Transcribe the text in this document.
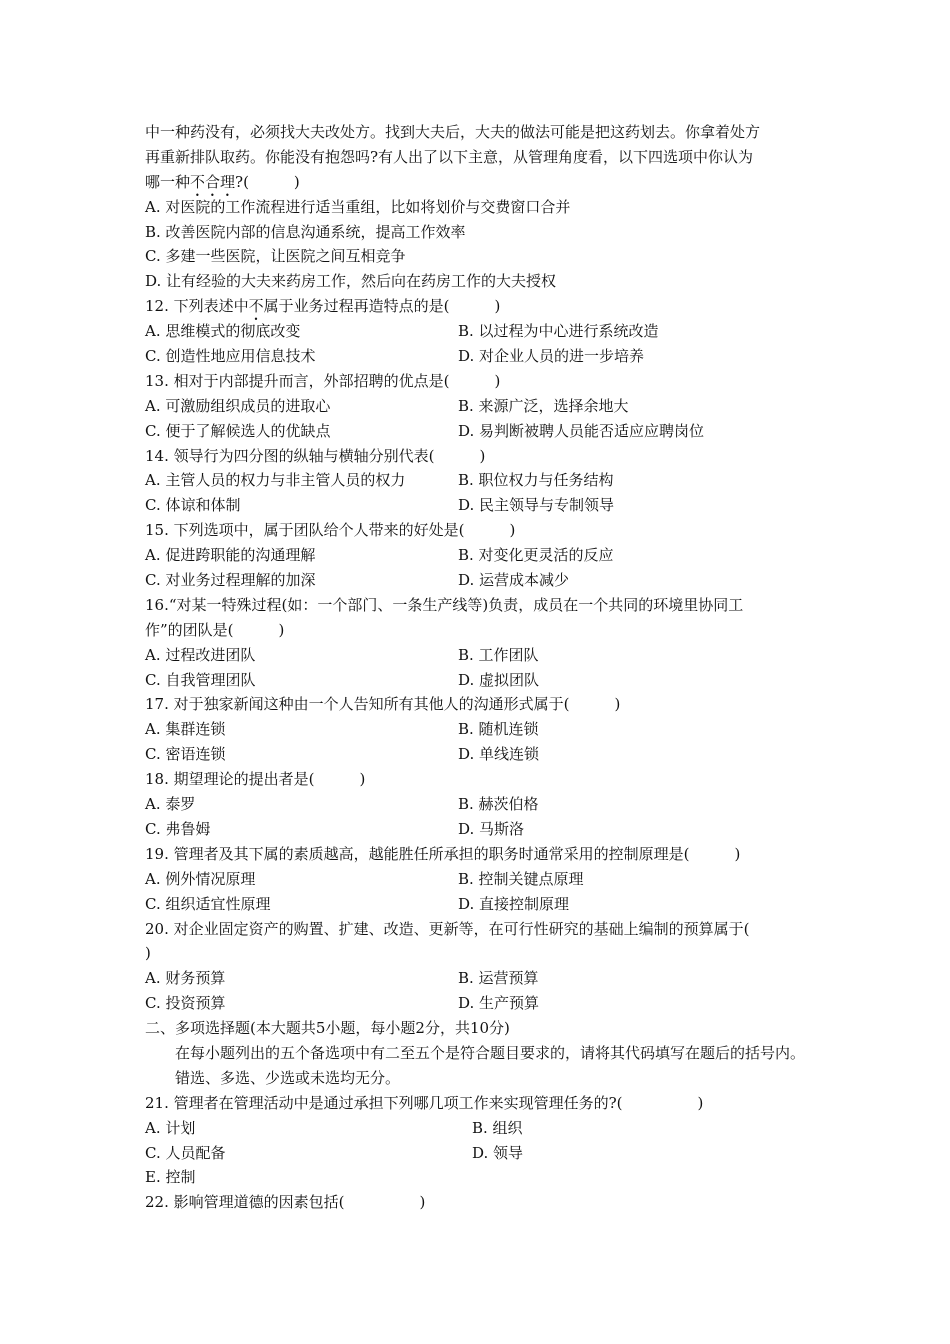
中一种药没有，必须找大夫改处方。找到大夫后，大夫的做法可能是把这药划去。你拿着处方
再重新排队取药。你能没有抱怨吗?有人出了以下主意，从管理角度看，以下四选项中你认为
哪一种不合理?(　　　)
A. 对医院的工作流程进行适当重组，比如将划价与交费窗口合并
B. 改善医院内部的信息沟通系统，提高工作效率
C. 多建一些医院，让医院之间互相竞争
D. 让有经验的大夫来药房工作，然后向在药房工作的大夫授权
12. 下列表述中不属于业务过程再造特点的是(　　　)
A. 思维模式的彻底改变	B. 以过程为中心进行系统改造
C. 创造性地应用信息技术	D. 对企业人员的进一步培养
13. 相对于内部提升而言，外部招聘的优点是(　　　)
A. 可激励组织成员的进取心	B. 来源广泛，选择余地大
C. 便于了解候选人的优缺点	D. 易判断被聘人员能否适应应聘岗位
14. 领导行为四分图的纵轴与横轴分别代表(　　　)
A. 主管人员的权力与非主管人员的权力	B. 职位权力与任务结构
C. 体谅和体制	D. 民主领导与专制领导
15. 下列选项中，属于团队给个人带来的好处是(　　　)
A. 促进跨职能的沟通理解	B. 对变化更灵活的反应
C. 对业务过程理解的加深	D. 运营成本减少
16.“对某一特殊过程(如：一个部门、一条生产线等)负责，成员在一个共同的环境里协同工
作”的团队是(　　　)
A. 过程改进团队	B. 工作团队
C. 自我管理团队	D. 虚拟团队
17. 对于独家新闻这种由一个人告知所有其他人的沟通形式属于(　　　)
A. 集群连锁	B. 随机连锁
C. 密语连锁	D. 单线连锁
18. 期望理论的提出者是(　　　)
A. 泰罗	B. 赫茨伯格
C. 弗鲁姆	D. 马斯洛
19. 管理者及其下属的素质越高，越能胜任所承担的职务时通常采用的控制原理是(　　　)
A. 例外情况原理	B. 控制关键点原理
C. 组织适宜性原理	D. 直接控制原理
20. 对企业固定资产的购置、扩建、改造、更新等，在可行性研究的基础上编制的预算属于(
)
A. 财务预算	B. 运营预算
C. 投资预算	D. 生产预算
二、多项选择题(本大题共5小题，每小题2分，共10分)
在每小题列出的五个备选项中有二至五个是符合题目要求的，请将其代码填写在题后的括号内。错选、多选、少选或未选均无分。
21. 管理者在管理活动中是通过承担下列哪几项工作来实现管理任务的?(　　　　　)
A. 计划	B. 组织
C. 人员配备	D. 领导
E. 控制
22. 影响管理道德的因素包括(　　　　　)
